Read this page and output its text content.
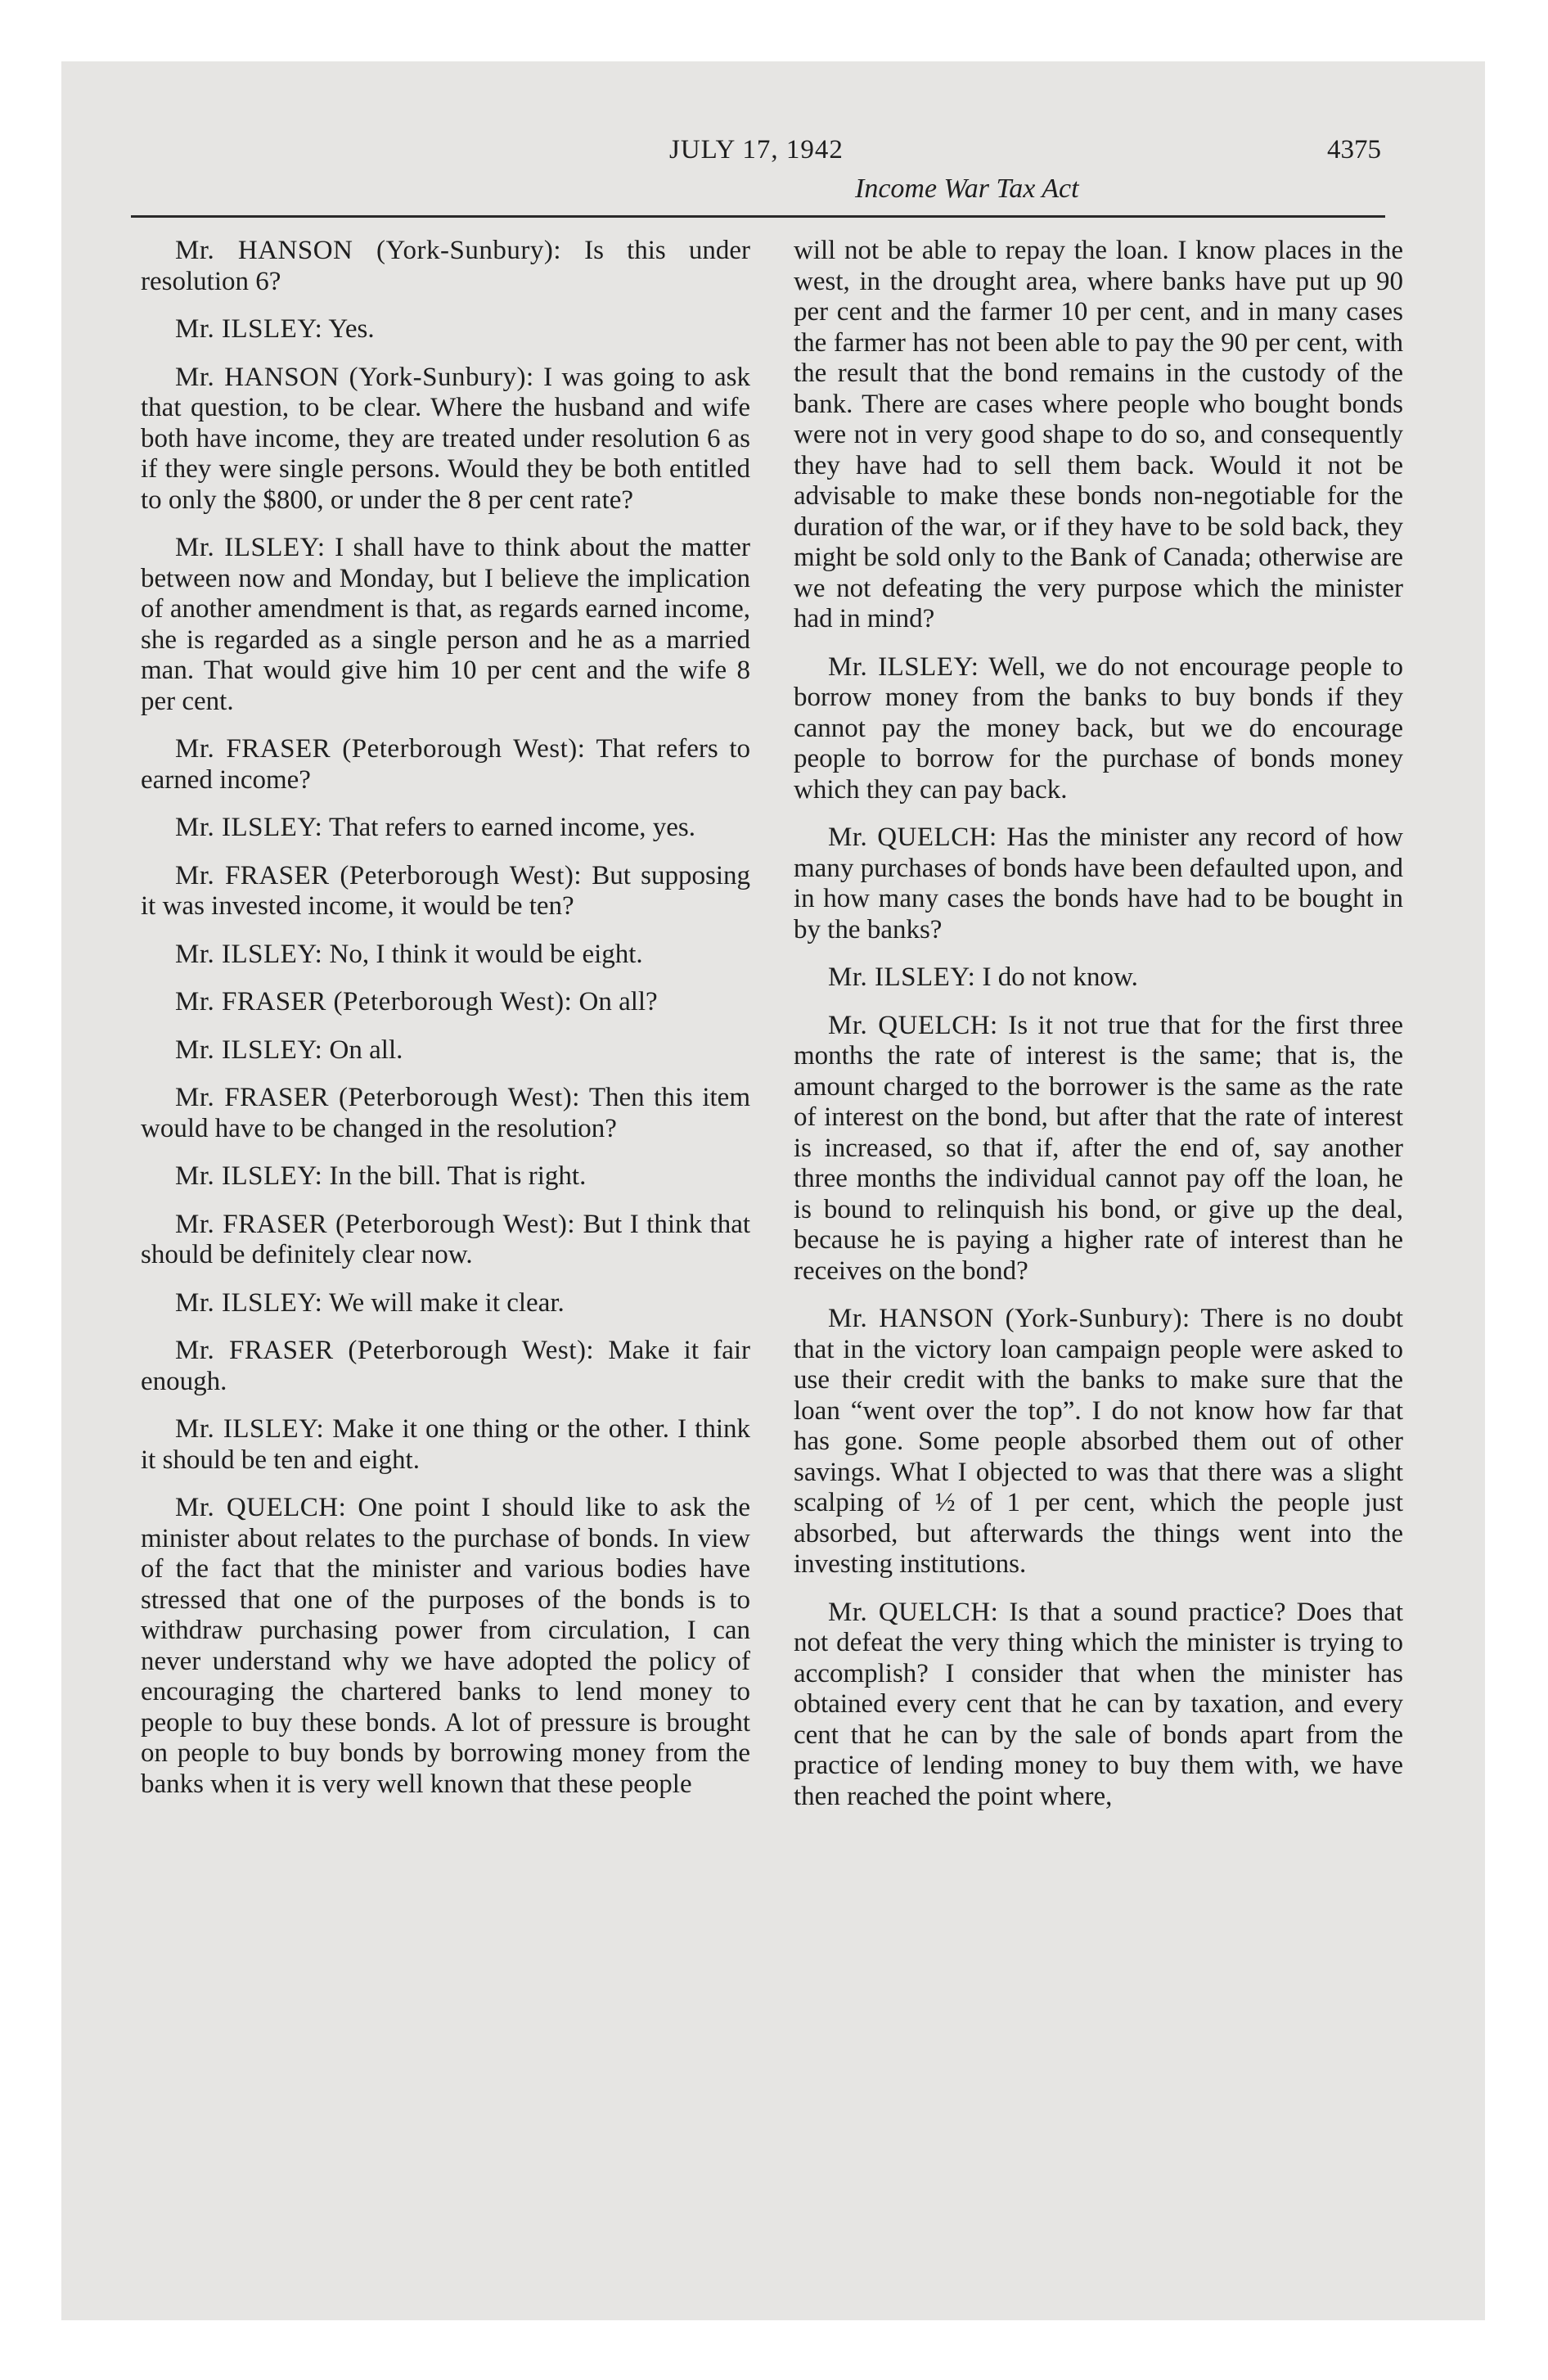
JULY 17, 1942
Income War Tax Act
4375

Mr. HANSON (York-Sunbury): Is this under resolution 6?

Mr. ILSLEY: Yes.

Mr. HANSON (York-Sunbury): I was going to ask that question, to be clear. Where the husband and wife both have income, they are treated under resolution 6 as if they were single persons. Would they be both entitled to only the $800, or under the 8 per cent rate?

Mr. ILSLEY: I shall have to think about the matter between now and Monday, but I believe the implication of another amendment is that, as regards earned income, she is regarded as a single person and he as a married man. That would give him 10 per cent and the wife 8 per cent.

Mr. FRASER (Peterborough West): That refers to earned income?

Mr. ILSLEY: That refers to earned income, yes.

Mr. FRASER (Peterborough West): But supposing it was invested income, it would be ten?

Mr. ILSLEY: No, I think it would be eight.

Mr. FRASER (Peterborough West): On all?

Mr. ILSLEY: On all.

Mr. FRASER (Peterborough West): Then this item would have to be changed in the resolution?

Mr. ILSLEY: In the bill. That is right.

Mr. FRASER (Peterborough West): But I think that should be definitely clear now.

Mr. ILSLEY: We will make it clear.

Mr. FRASER (Peterborough West): Make it fair enough.

Mr. ILSLEY: Make it one thing or the other. I think it should be ten and eight.

Mr. QUELCH: One point I should like to ask the minister about relates to the purchase of bonds. In view of the fact that the minister and various bodies have stressed that one of the purposes of the bonds is to withdraw purchasing power from circulation, I can never understand why we have adopted the policy of encouraging the chartered banks to lend money to people to buy these bonds. A lot of pressure is brought on people to buy bonds by borrowing money from the banks when it is very well known that these people

will not be able to repay the loan. I know places in the west, in the drought area, where banks have put up 90 per cent and the farmer 10 per cent, and in many cases the farmer has not been able to pay the 90 per cent, with the result that the bond remains in the custody of the bank. There are cases where people who bought bonds were not in very good shape to do so, and consequently they have had to sell them back. Would it not be advisable to make these bonds non-negotiable for the duration of the war, or if they have to be sold back, they might be sold only to the Bank of Canada; otherwise are we not defeating the very purpose which the minister had in mind?

Mr. ILSLEY: Well, we do not encourage people to borrow money from the banks to buy bonds if they cannot pay the money back, but we do encourage people to borrow for the purchase of bonds money which they can pay back.

Mr. QUELCH: Has the minister any record of how many purchases of bonds have been defaulted upon, and in how many cases the bonds have had to be bought in by the banks?

Mr. ILSLEY: I do not know.

Mr. QUELCH: Is it not true that for the first three months the rate of interest is the same; that is, the amount charged to the borrower is the same as the rate of interest on the bond, but after that the rate of interest is increased, so that if, after the end of, say another three months the individual cannot pay off the loan, he is bound to relinquish his bond, or give up the deal, because he is paying a higher rate of interest than he receives on the bond?

Mr. HANSON (York-Sunbury): There is no doubt that in the victory loan campaign people were asked to use their credit with the banks to make sure that the loan “went over the top”. I do not know how far that has gone. Some people absorbed them out of other savings. What I objected to was that there was a slight scalping of ½ of 1 per cent, which the people just absorbed, but afterwards the things went into the investing institutions.

Mr. QUELCH: Is that a sound practice? Does that not defeat the very thing which the minister is trying to accomplish? I consider that when the minister has obtained every cent that he can by taxation, and every cent that he can by the sale of bonds apart from the practice of lending money to buy them with, we have then reached the point where,
